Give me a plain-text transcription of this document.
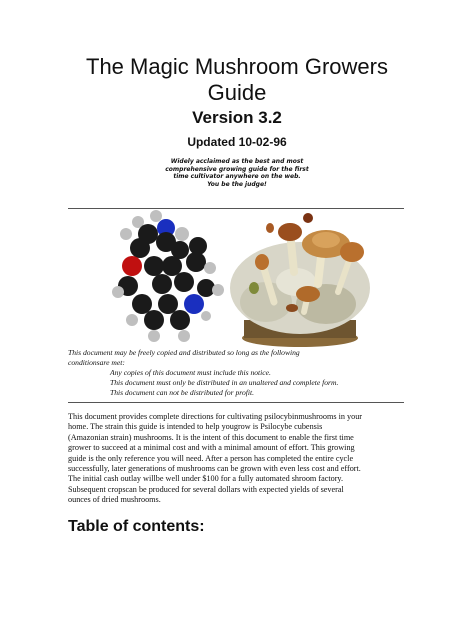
The Magic Mushroom Growers
Guide
Version 3.2
Updated 10-02-96
Widely acclaimed as the best and most
comprehensive growing guide for the first
time cultivator anywhere on the web.
You be the judge!
This document may be freely copied and distributed so long as the following
conditionsare met:
Any copies of this document must include this notice.
This document must only be distributed in an unaltered and complete form.
This document can not be distributed for profit.
This document provides complete directions for cultivating psilocybinmushrooms in your
home. The strain this guide is intended to help yougrow is Psilocybe cubensis
(Amazonian strain) mushrooms. It is the intent of this document to enable the first time
grower to succeed at a minimal cost and with a minimal amount of effort. This growing
guide is the only reference you will need. After a person has completed the entire cycle
successfully, later generations of mushrooms can be grown with even less cost and effort.
The initial cash outlay willbe well under $100 for a fully automated shroom factory.
Subsequent cropscan be produced for several dollars with expected yields of several
ounces of dried mushrooms.
Table of contents:
